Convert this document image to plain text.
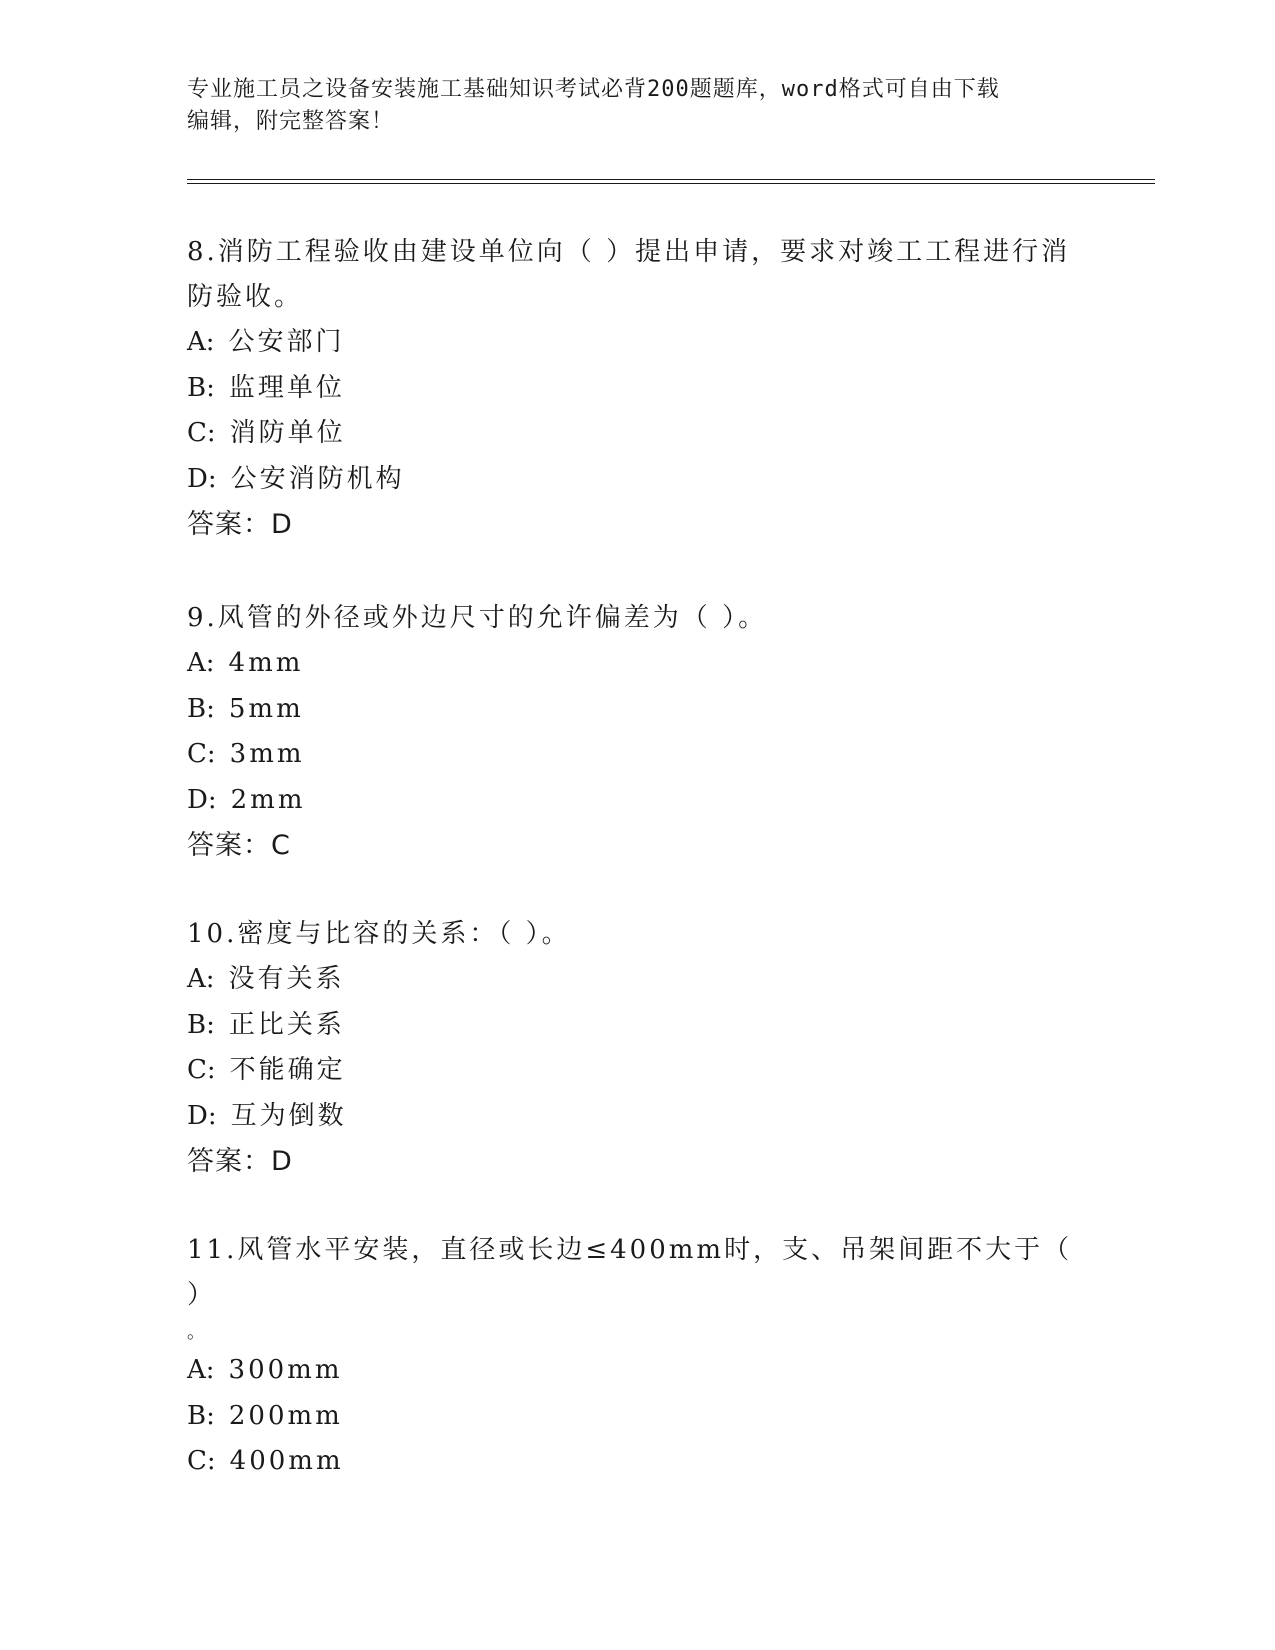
专业施工员之设备安装施工基础知识考试必背200题题库，word格式可自由下载
编辑，附完整答案！

8.消防工程验收由建设单位向（ ）提出申请，要求对竣工工程进行消

防验收。

A: 公安部门
B: 监理单位
C: 消防单位
D: 公安消防机构
答案：D

9.风管的外径或外边尺寸的允许偏差为（ ）。

A: 4mm
B: 5mm
C: 3mm
D: 2mm
答案：C

10.密度与比容的关系：（ ）。

A: 没有关系
B: 正比关系
C: 不能确定
D: 互为倒数
答案：D

11.风管水平安装，直径或长边≤400mm时，支、吊架间距不大于（ ）

。

A: 300mm
B: 200mm
C: 400mm
